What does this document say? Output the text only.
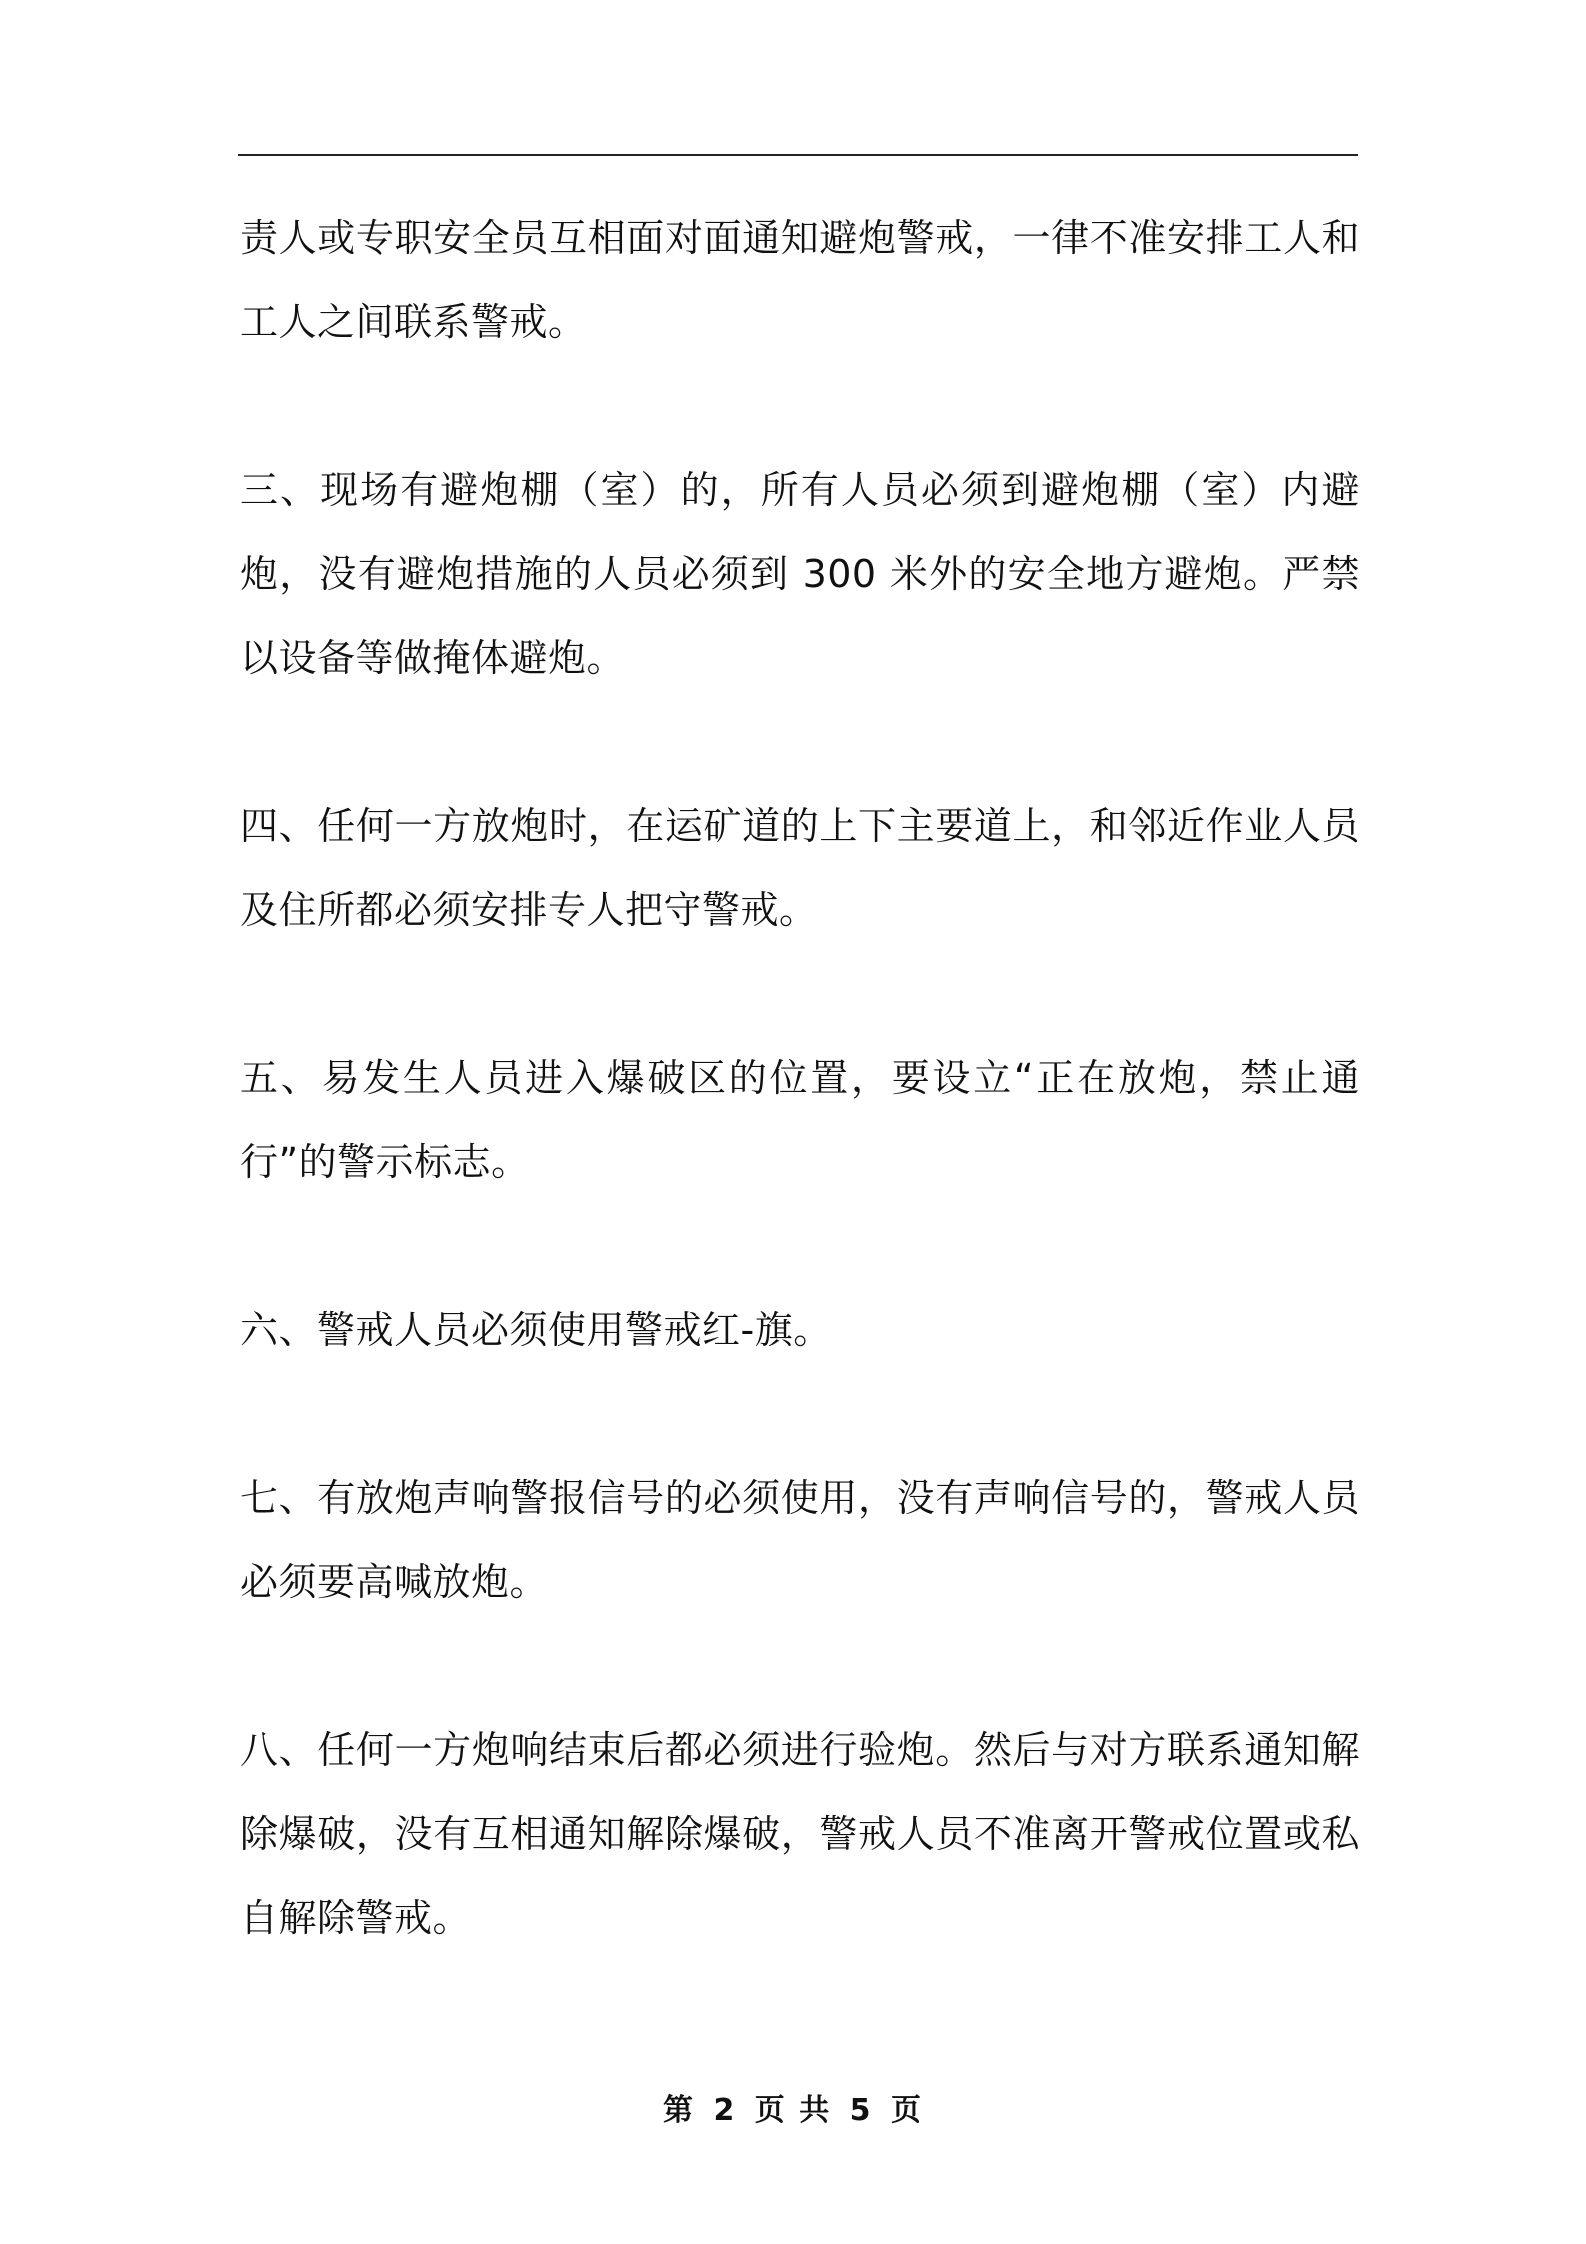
责人或专职安全员互相面对面通知避炮警戒，一律不准安排工人和工人之间联系警戒。

三、现场有避炮棚（室）的，所有人员必须到避炮棚（室）内避炮，没有避炮措施的人员必须到 300 米外的安全地方避炮。严禁以设备等做掩体避炮。

四、任何一方放炮时，在运矿道的上下主要道上，和邻近作业人员及住所都必须安排专人把守警戒。

五、易发生人员进入爆破区的位置，要设立“正在放炮，禁止通行”的警示标志。

六、警戒人员必须使用警戒红-旗。

七、有放炮声响警报信号的必须使用，没有声响信号的，警戒人员必须要高喊放炮。

八、任何一方炮响结束后都必须进行验炮。然后与对方联系通知解除爆破，没有互相通知解除爆破，警戒人员不准离开警戒位置或私自解除警戒。

第 2 页 共 5 页
